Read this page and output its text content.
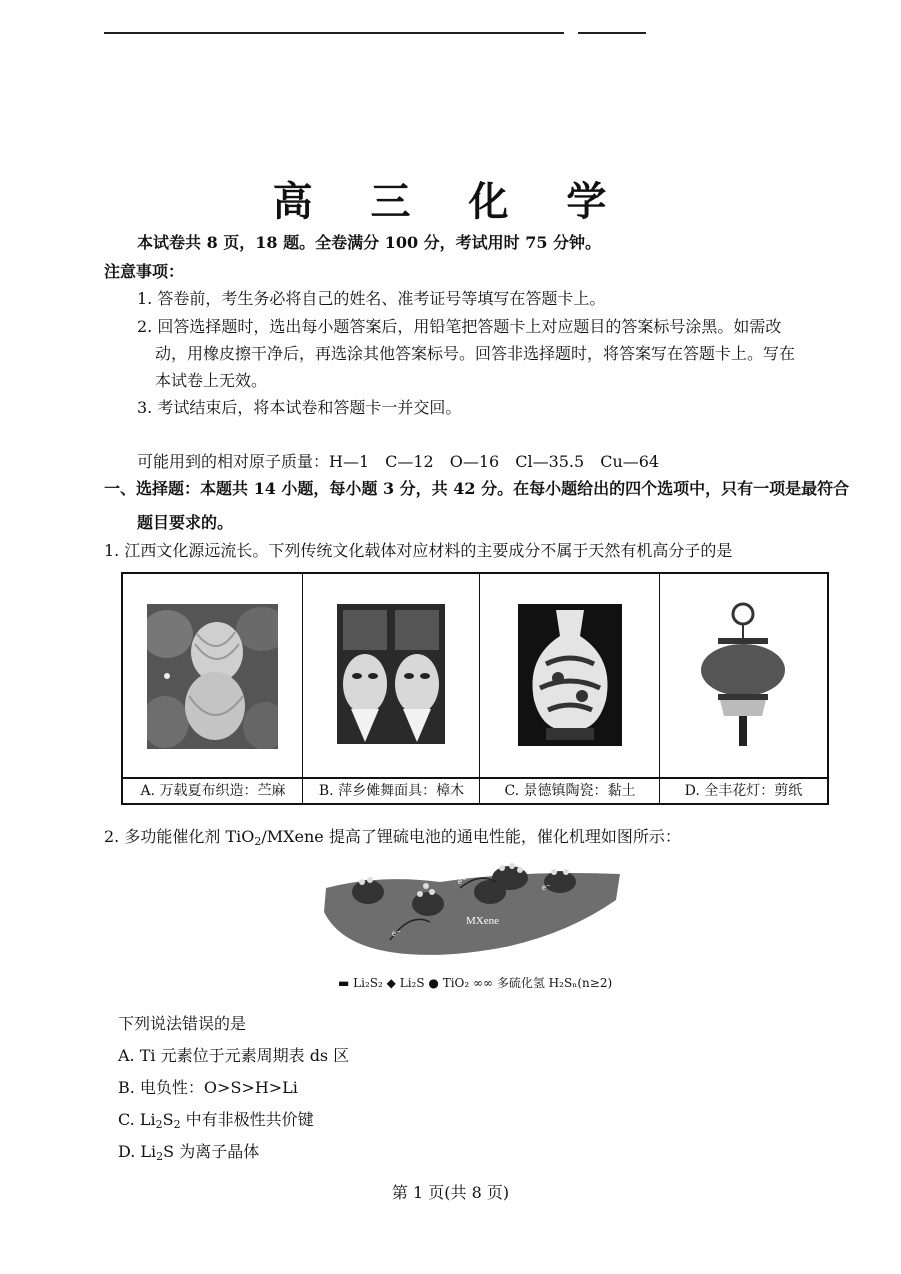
高 三 化 学
本试卷共 8 页，18 题。全卷满分 100 分，考试用时 75 分钟。
注意事项：
1. 答卷前，考生务必将自己的姓名、准考证号等填写在答题卡上。
2. 回答选择题时，选出每小题答案后，用铅笔把答题卡上对应题目的答案标号涂黑。如需改
动，用橡皮擦干净后，再选涂其他答案标号。回答非选择题时，将答案写在答题卡上。写在
本试卷上无效。
3. 考试结束后，将本试卷和答题卡一并交回。
可能用到的相对原子质量：H—1　C—12　O—16　Cl—35.5　Cu—64
一、选择题：本题共 14 小题，每小题 3 分，共 42 分。在每小题给出的四个选项中，只有一项是最符合
题目要求的。
1. 江西文化源远流长。下列传统文化载体对应材料的主要成分不属于天然有机高分子的是
A. 万载夏布织造：苎麻	B. 萍乡傩舞面具：樟木	C. 景德镇陶瓷：黏土	D. 全丰花灯：剪纸
2. 多功能催化剂 TiO$_2$/MXene 提高了锂硫电池的通电性能，催化机理如图所示：
MXene
e⁻
e⁻
e⁻
▬ Li₂S₂ ◆ Li₂S ● TiO₂ ∞∞ 多硫化氢 H₂Sₙ(n≥2)
下列说法错误的是
A. Ti 元素位于元素周期表 ds 区
B. 电负性：O>S>H>Li
C. $Li_2S_2$ 中有非极性共价键
D. $Li_2S$ 为离子晶体
第 1 页(共 8 页)
